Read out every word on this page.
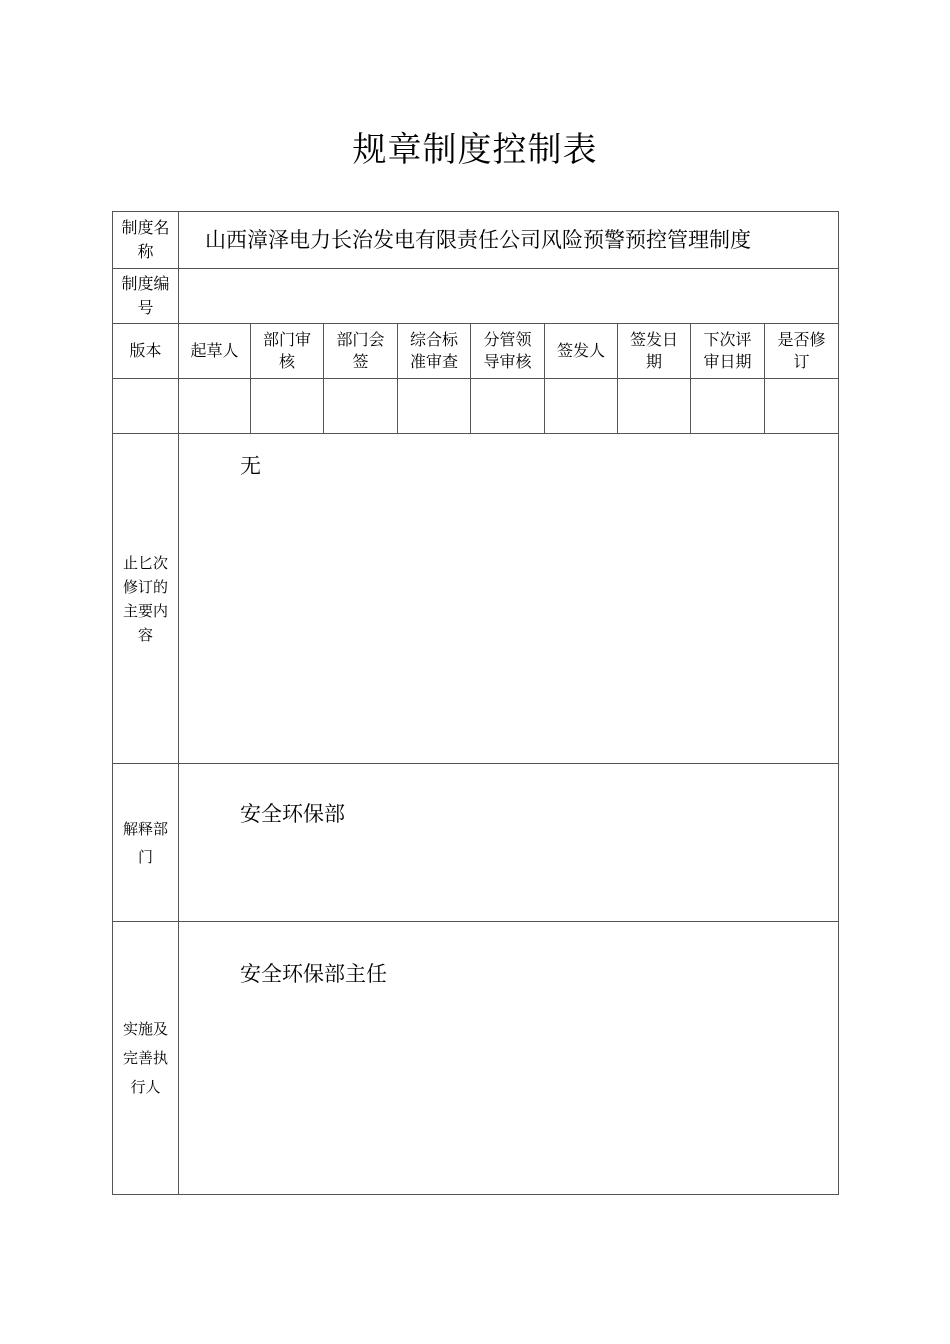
规章制度控制表
制度名称	山西漳泽电力长治发电有限责任公司风险预警预控管理制度								
制度编号									
版本	起草人	部门审核	部门会签	综合标准审查	分管领导审核	签发人	签发日期	下次评审日期	是否修订

止匕次修订的主要内容	无								

解释部门	安全环保部								

实施及完善执行人	安全环保部主任								
